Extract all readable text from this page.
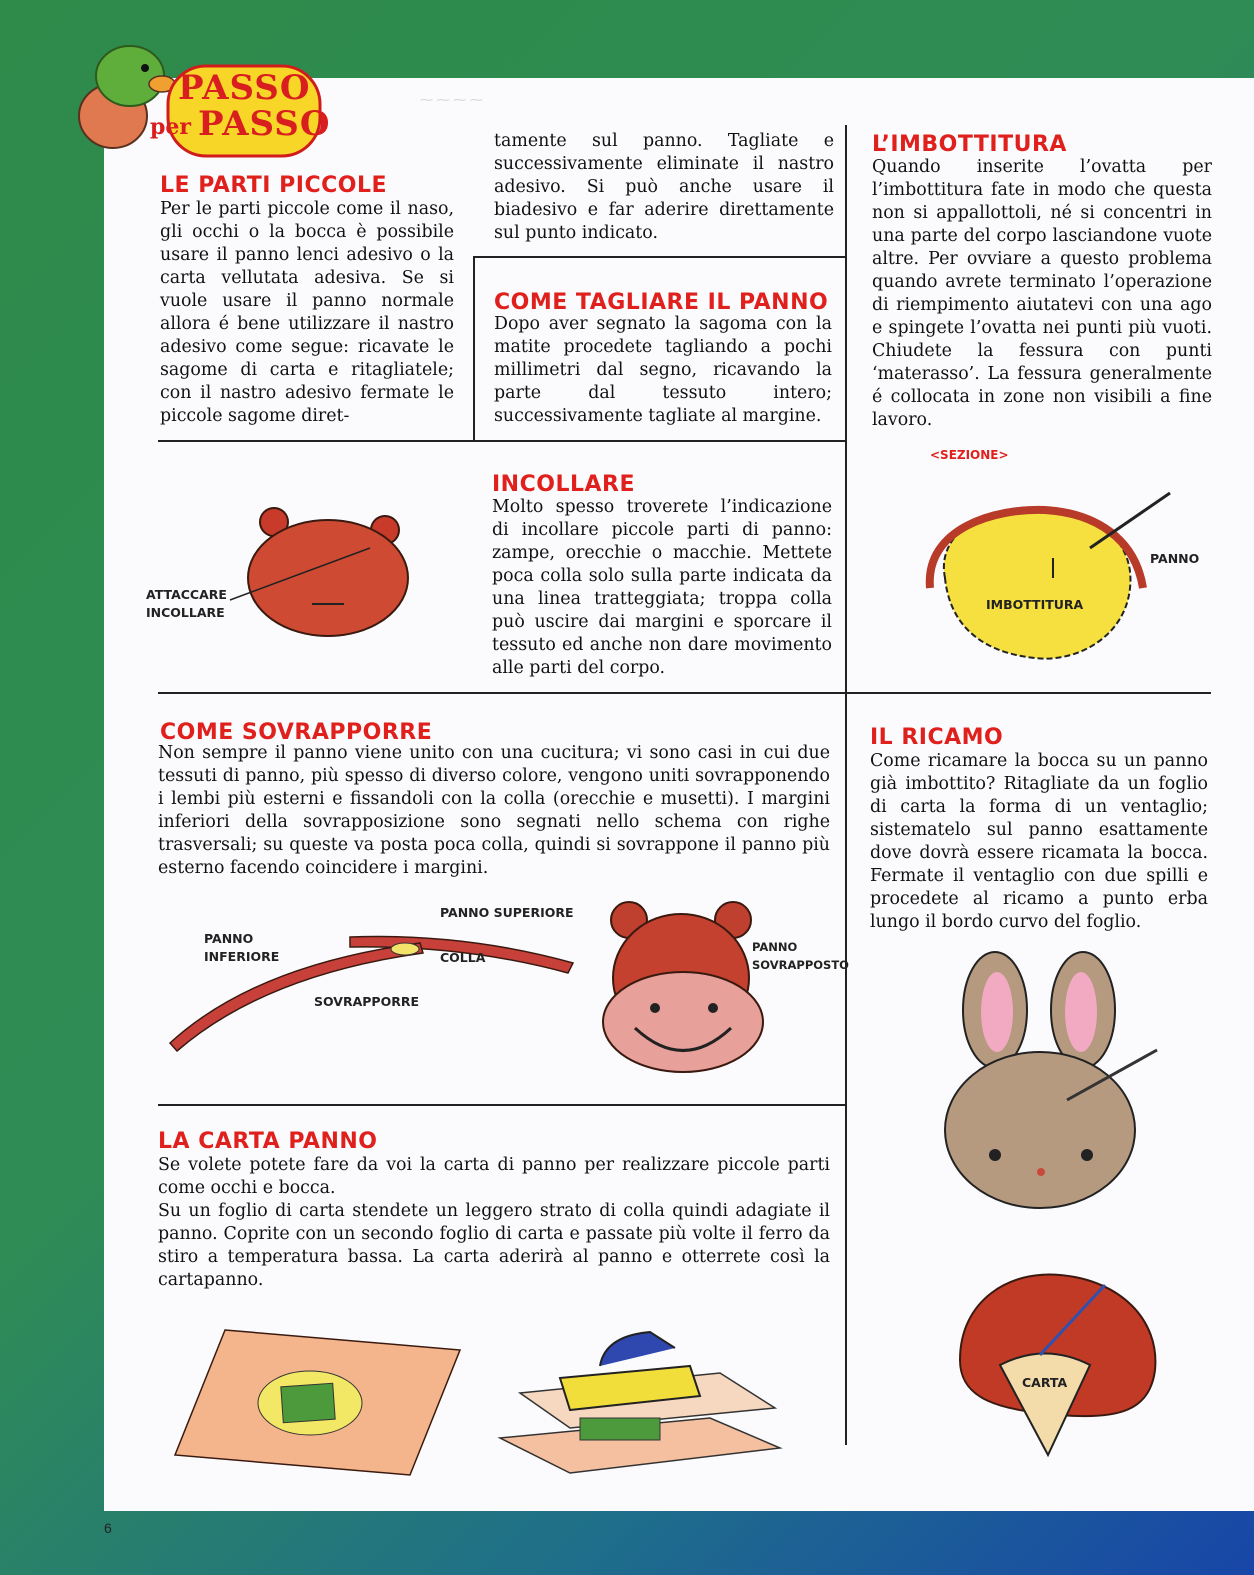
⁓ ⁓ ⁓ ⁓
PASSO
per PASSO
LE PARTI PICCOLE

Per le parti piccole come il naso, gli occhi o la bocca è possibile usare il panno lenci adesivo o la carta vellutata adesiva. Se si vuole usare il panno normale allora é bene utilizzare il nastro adesivo come segue: ricavate le sagome di carta e ritagliatele; con il nastro adesivo fermate le piccole sagome diret-

tamente sul panno. Tagliate e successivamente eliminate il nastro adesivo. Si può anche usare il biadesivo e far aderire direttamente sul punto indicato.

COME TAGLIARE IL PANNO

Dopo aver segnato la sagoma con la matite procedete tagliando a pochi millimetri dal segno, ricavando la parte dal tessuto intero; successivamente tagliate al margine.

INCOLLARE

Molto spesso troverete l’indicazione di incollare piccole parti di panno: zampe, orecchie o macchie. Mettete poca colla solo sulla parte indicata da una linea tratteggiata; troppa colla può uscire dai margini e sporcare il tessuto ed anche non dare movimento alle parti del corpo.

L’IMBOTTITURA

Quando inserite l’ovatta per l’imbottitura fate in modo che questa non si appallottoli, né si concentri in una parte del corpo lasciandone vuote altre. Per ovviare a questo problema quando avrete terminato l’operazione di riempimento aiutatevi con una ago e spingete l’ovatta nei punti più vuoti. Chiudete la fessura con punti ‘materasso’. La fessura generalmente é collocata in zone non visibili a fine lavoro.

COME SOVRAPPORRE

Non sempre il panno viene unito con una cucitura; vi sono casi in cui due tessuti di panno, più spesso di diverso colore, vengono uniti sovrapponendo i lembi più esterni e fissandoli con la colla (orecchie e musetti). I margini inferiori della sovrapposizione sono segnati nello schema con righe trasversali; su queste va posta poca colla, quindi si sovrappone il panno più esterno facendo coincidere i margini.

IL RICAMO

Come ricamare la bocca su un panno già imbottito? Ritagliate da un foglio di carta la forma di un ventaglio; sistematelo sul panno esattamente dove dovrà essere ricamata la bocca. Fermate il ventaglio con due spilli e procedete al ricamo a punto erba lungo il bordo curvo del foglio.

LA CARTA PANNO

Se volete potete fare da voi la carta di panno per realizzare piccole parti come occhi e bocca.
Su un foglio di carta stendete un leggero strato di colla quindi adagiate il panno. Coprite con un secondo foglio di carta e passate più volte il ferro da stiro a temperatura bassa. La carta aderirà al panno e otterrete così la cartapanno.

ATTACCARE
INCOLLARE
<SEZIONE>
PANNO
IMBOTTITURA
PANNO SUPERIORE
PANNO
INFERIORE	COLLA
SOVRAPPORRE
PANNO
SOVRAPPOSTO
CARTA
6
